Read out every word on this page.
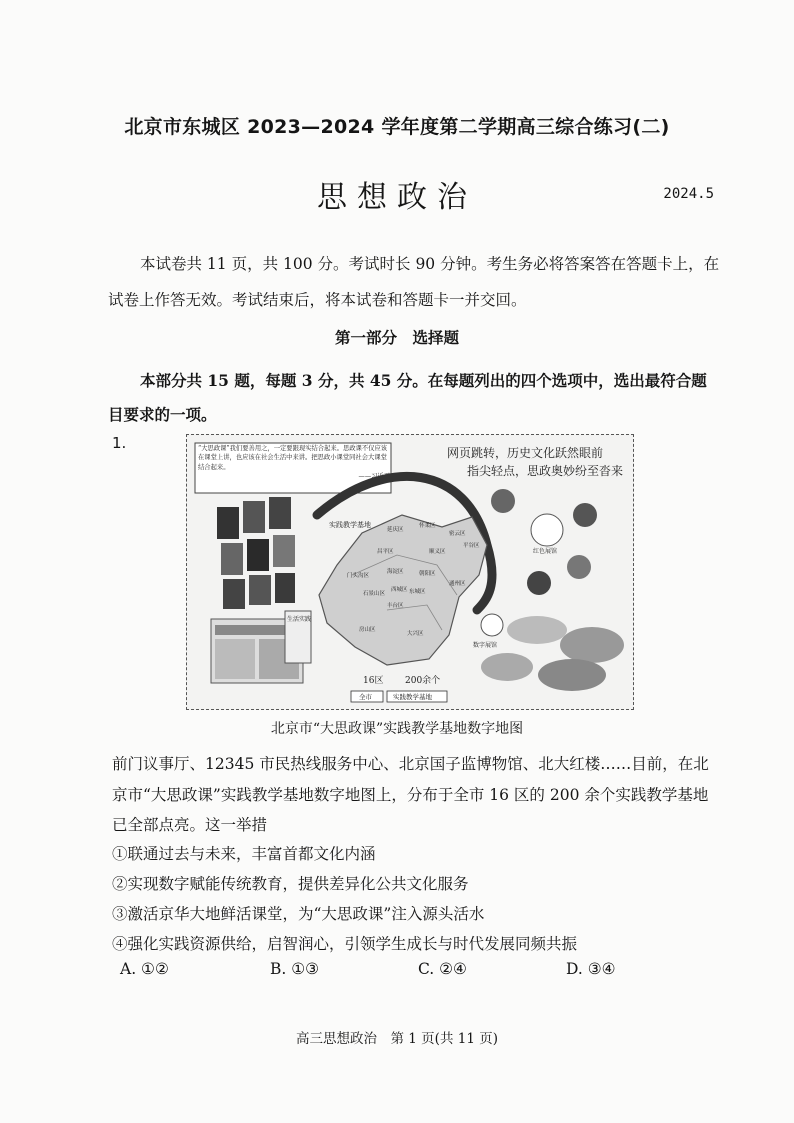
北京市东城区 2023—2024 学年度第二学期高三综合练习(二)
思想政治	2024.5
本试卷共 11 页，共 100 分。考试时长 90 分钟。考生务必将答案答在答题卡上，在试卷上作答无效。考试结束后，将本试卷和答题卡一并交回。
第一部分　选择题
本部分共 15 题，每题 3 分，共 45 分。在每题列出的四个选项中，选出最符合题目要求的一项。
1.	“大思政课”我们要善用之，一定要跟现实结合起来。思政课不仅应该在课堂上讲，也应该在社会生活中来讲。把思政小课堂同社会大课堂结合起来。
——习近平
网页跳转，历史文化跃然眼前
指尖轻点，思政奥妙纷至沓来
生活实践
延庆区
怀柔区
密云区
昌平区	顺义区
平谷区
门头沟区
海淀区	朝阳区
通州区
西城区 东城区
丰台区
石景山区
房山区
大兴区
实践教学基地
红色展馆
数字展馆
16区 200余个
全市	实践教学基地
北京市“大思政课”实践教学基地数字地图
前门议事厅、12345 市民热线服务中心、北京国子监博物馆、北大红楼……目前，在北京市“大思政课”实践教学基地数字地图上，分布于全市 16 区的 200 余个实践教学基地已全部点亮。这一举措
①联通过去与未来，丰富首都文化内涵
②实现数字赋能传统教育，提供差异化公共文化服务
③激活京华大地鲜活课堂，为“大思政课”注入源头活水
④强化实践资源供给，启智润心，引领学生成长与时代发展同频共振
A. ①②	B. ①③	C. ②④	D. ③④
高三思想政治　第 1 页(共 11 页)
